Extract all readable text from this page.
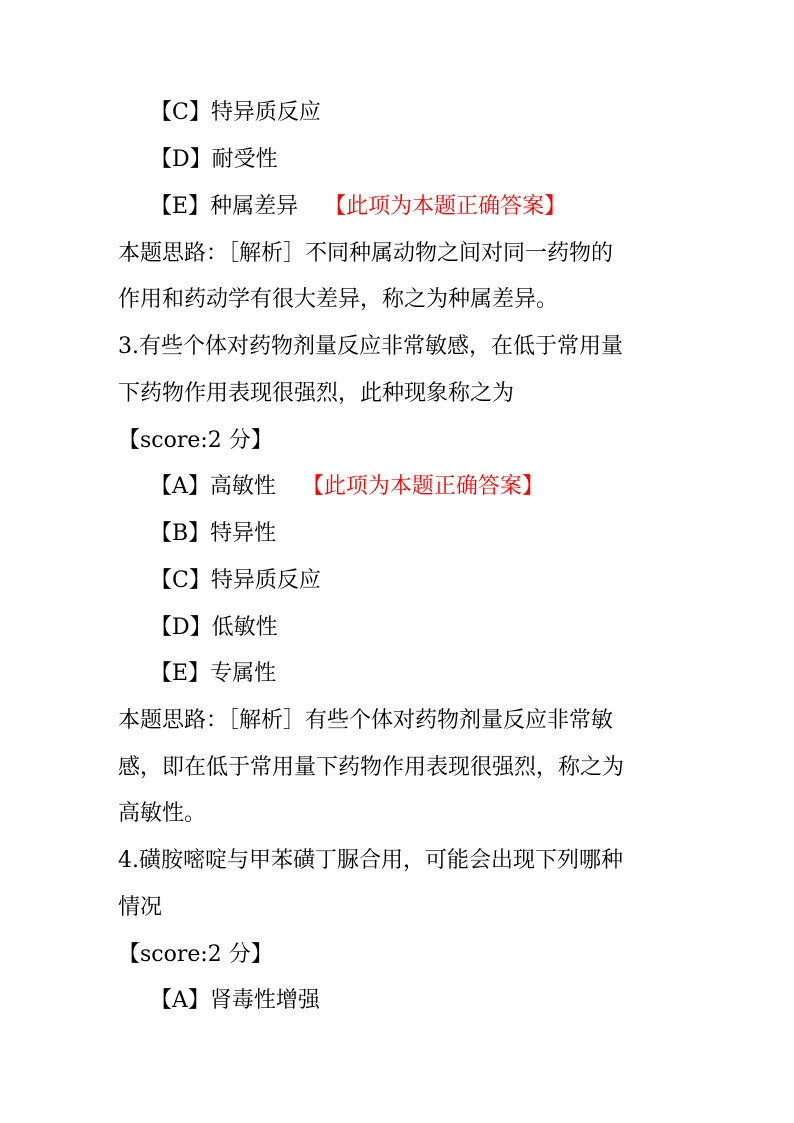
【C】特异质反应
【D】耐受性
【E】种属差异 【此项为本题正确答案】
本题思路：［解析］不同种属动物之间对同一药物的
作用和药动学有很大差异，称之为种属差异。
3.有些个体对药物剂量反应非常敏感，在低于常用量
下药物作用表现很强烈，此种现象称之为
【score:2 分】
【A】高敏性 【此项为本题正确答案】
【B】特异性
【C】特异质反应
【D】低敏性
【E】专属性
本题思路：［解析］有些个体对药物剂量反应非常敏
感，即在低于常用量下药物作用表现很强烈，称之为
高敏性。
4.磺胺嘧啶与甲苯磺丁脲合用，可能会出现下列哪种
情况
【score:2 分】
【A】肾毒性增强
